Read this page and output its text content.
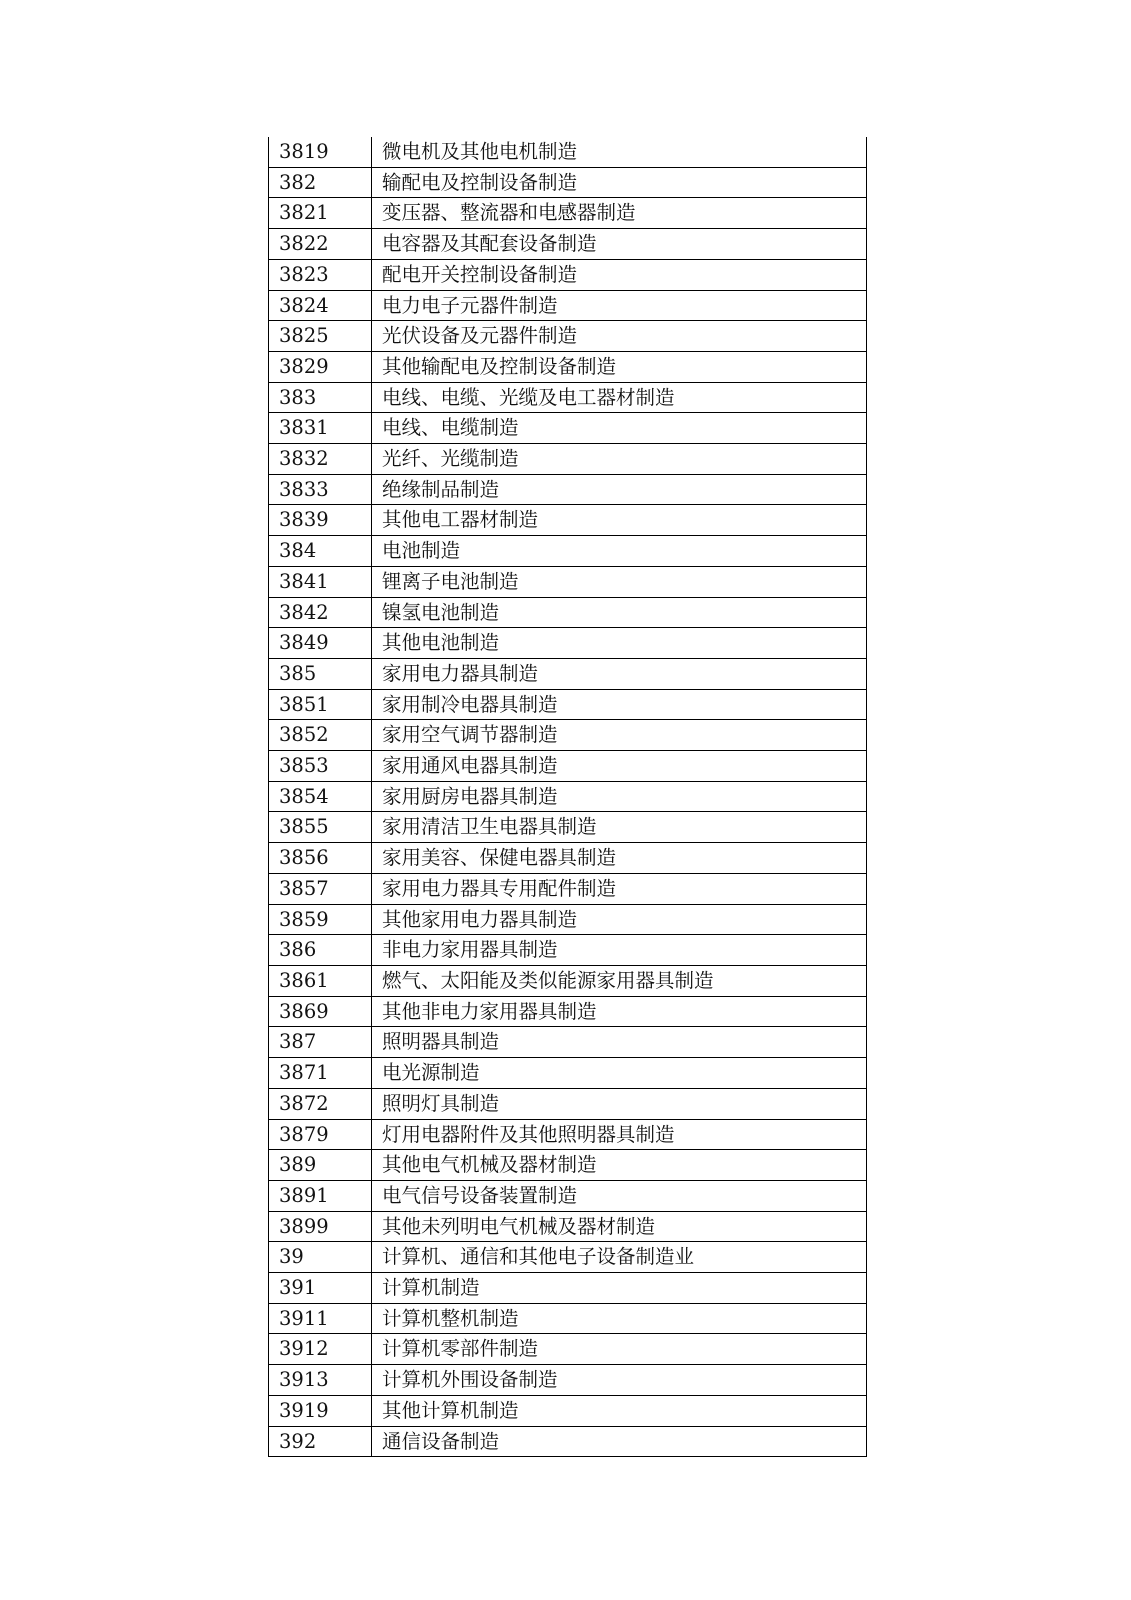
3819	微电机及其他电机制造
382	输配电及控制设备制造
3821	变压器、整流器和电感器制造
3822	电容器及其配套设备制造
3823	配电开关控制设备制造
3824	电力电子元器件制造
3825	光伏设备及元器件制造
3829	其他输配电及控制设备制造
383	电线、电缆、光缆及电工器材制造
3831	电线、电缆制造
3832	光纤、光缆制造
3833	绝缘制品制造
3839	其他电工器材制造
384	电池制造
3841	锂离子电池制造
3842	镍氢电池制造
3849	其他电池制造
385	家用电力器具制造
3851	家用制冷电器具制造
3852	家用空气调节器制造
3853	家用通风电器具制造
3854	家用厨房电器具制造
3855	家用清洁卫生电器具制造
3856	家用美容、保健电器具制造
3857	家用电力器具专用配件制造
3859	其他家用电力器具制造
386	非电力家用器具制造
3861	燃气、太阳能及类似能源家用器具制造
3869	其他非电力家用器具制造
387	照明器具制造
3871	电光源制造
3872	照明灯具制造
3879	灯用电器附件及其他照明器具制造
389	其他电气机械及器材制造
3891	电气信号设备装置制造
3899	其他未列明电气机械及器材制造
39	计算机、通信和其他电子设备制造业
391	计算机制造
3911	计算机整机制造
3912	计算机零部件制造
3913	计算机外围设备制造
3919	其他计算机制造
392	通信设备制造
